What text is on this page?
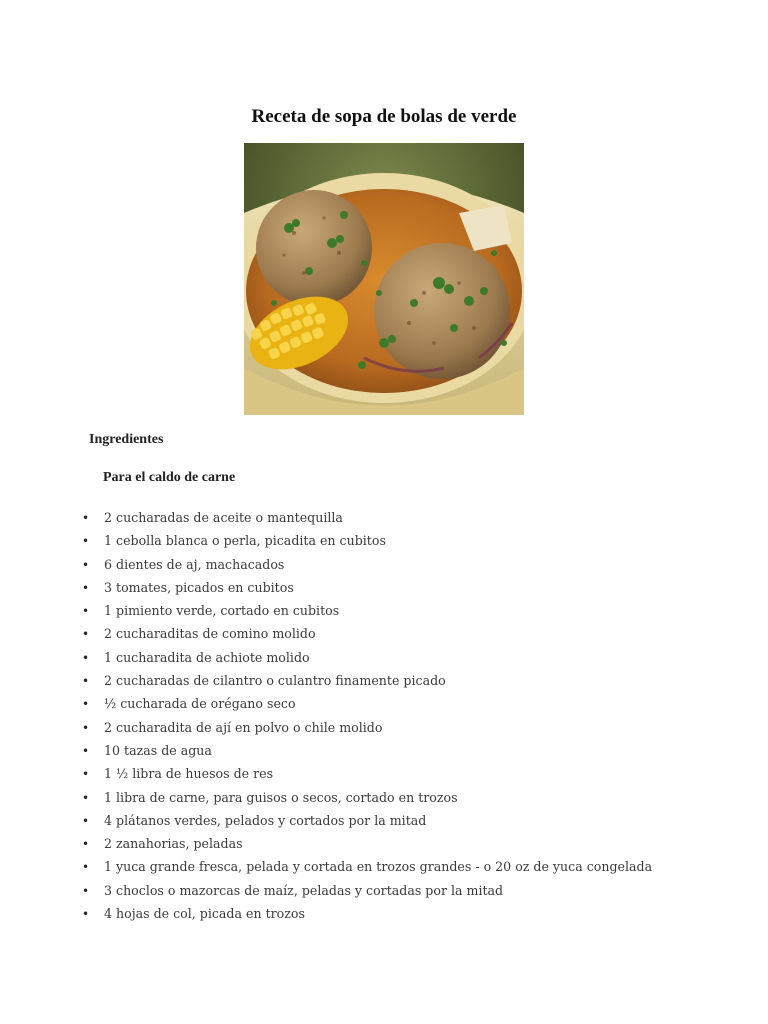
Receta de sopa de bolas de verde
Ingredientes
Para el caldo de carne
• 2 cucharadas de aceite o mantequilla
• 1 cebolla blanca o perla, picadita en cubitos
• 6 dientes de aj, machacados
• 3 tomates, picados en cubitos
• 1 pimiento verde, cortado en cubitos
• 2 cucharaditas de comino molido
• 1 cucharadita de achiote molido
• 2 cucharadas de cilantro o culantro finamente picado
• ½ cucharada de orégano seco
• 2 cucharadita de ají en polvo o chile molido
• 10 tazas de agua
• 1 ½ libra de huesos de res
• 1 libra de carne, para guisos o secos, cortado en trozos
• 4 plátanos verdes, pelados y cortados por la mitad
• 2 zanahorias, peladas
• 1 yuca grande fresca, pelada y cortada en trozos grandes - o 20 oz de yuca congelada
• 3 choclos o mazorcas de maíz, peladas y cortadas por la mitad
• 4 hojas de col, picada en trozos
